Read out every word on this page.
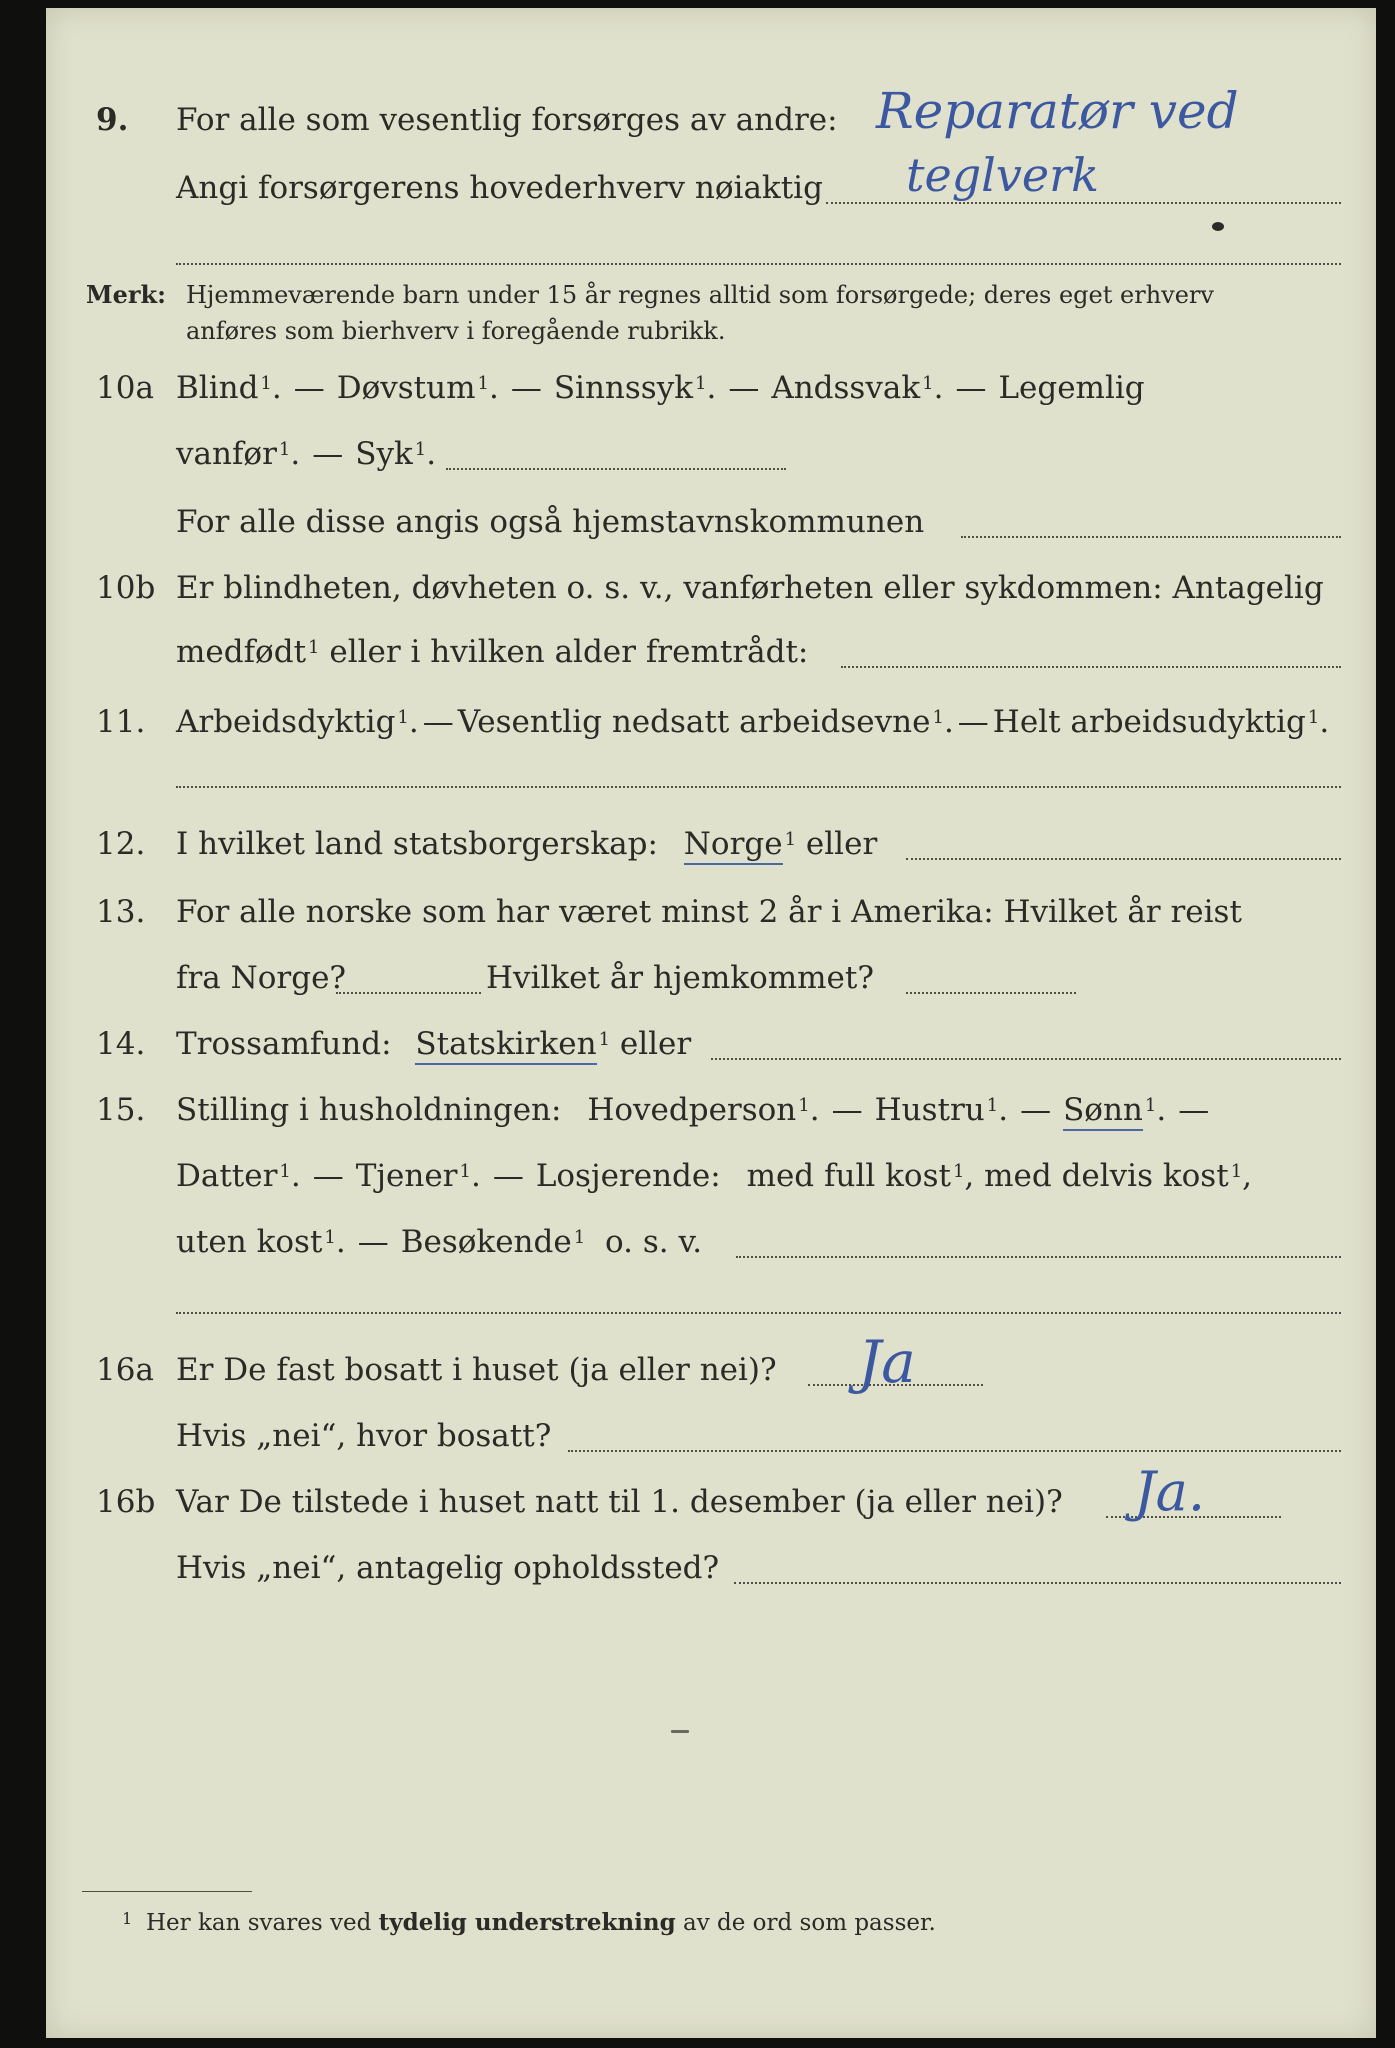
9. For alle som vesentlig forsørges av andre: Reparatør ved
Angi forsørgerens hovederhverv nøiaktig teglverk
Merk: Hjemmeværende barn under 15 år regnes alltid som forsørgede; deres eget erhverv
anføres som bierhverv i foregående rubrikk.
10a Blind $^1$. — Døvstum $^1$. — Sinnssyk $^1$. — Andssvak $^1$. — Legemlig
vanfør $^1$. — Syk $^1$.
For alle disse angis også hjemstavnskommunen
10b Er blindheten, døvheten o. s. v., vanførheten eller sykdommen: Antagelig
medfødt $^1$ eller i hvilken alder fremtrådt:
11. Arbeidsdyktig $^1$. — Vesentlig nedsatt arbeidsevne $^1$. — Helt arbeidsudyktig $^1$.
12. I hvilket land statsborgerskap: Norge $^1$ eller
13. For alle norske som har været minst 2 år i Amerika: Hvilket år reist
fra Norge?	Hvilket år hjemkommet?
14. Trossamfund: Statskirken $^1$ eller
15. Stilling i husholdningen: Hovedperson $^1$. — Hustru $^1$. — Sønn $^1$. —
Datter $^1$. — Tjener $^1$. — Losjerende: med full kost $^1$, med delvis kost $^1$,
uten kost $^1$. — Besøkende $^1$ o. s. v.
16a Er De fast bosatt i huset (ja eller nei)? Ja
Hvis „nei“, hvor bosatt?
16b Var De tilstede i huset natt til 1. desember (ja eller nei)? Ja.
Hvis „nei“, antagelig opholdssted?
1 Her kan svares ved tydelig understrekning av de ord som passer.
